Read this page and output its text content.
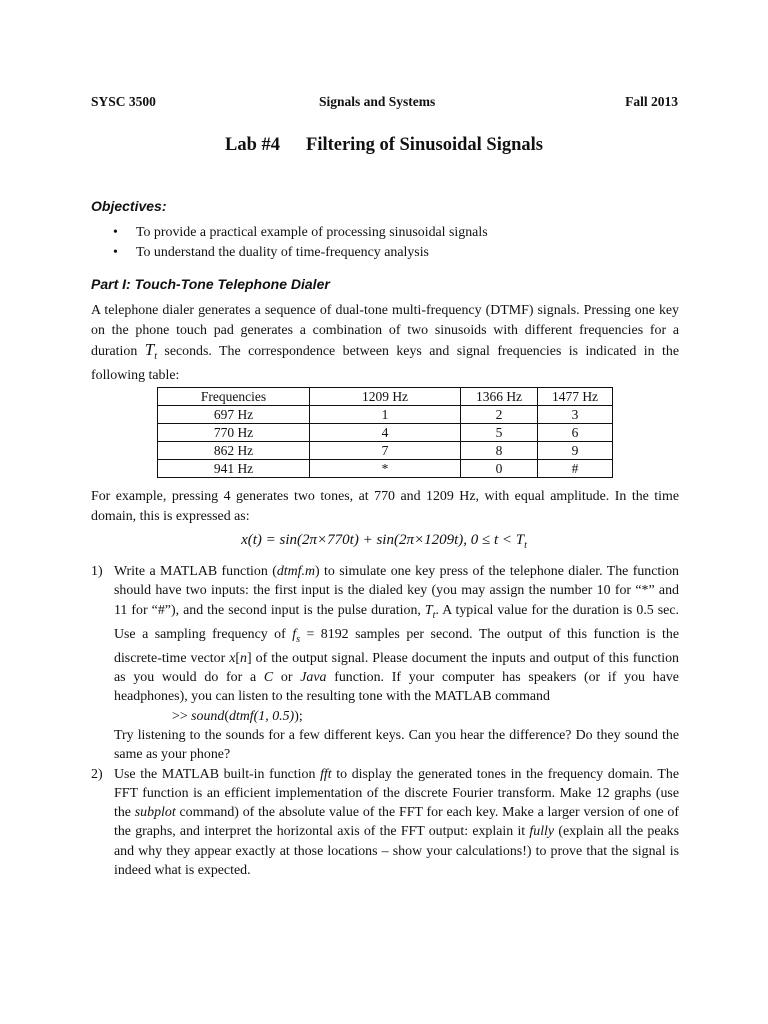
SYSC 3500	Signals and Systems	Fall 2013
Lab #4 Filtering of Sinusoidal Signals
Objectives:
• To provide a practical example of processing sinusoidal signals
• To understand the duality of time-frequency analysis
Part I: Touch-Tone Telephone Dialer
A telephone dialer generates a sequence of dual-tone multi-frequency (DTMF) signals. Pressing one key on the phone touch pad generates a combination of two sinusoids with different frequencies for a duration $T_t$ seconds. The correspondence between keys and signal frequencies is indicated in the following table:
Frequencies	1209 Hz	1366 Hz	1477 Hz
697 Hz	1	2	3
770 Hz	4	5	6
862 Hz	7	8	9
941 Hz	*	0	#
For example, pressing 4 generates two tones, at 770 and 1209 Hz, with equal amplitude. In the time domain, this is expressed as:
x(t) = sin(2π×770t) + sin(2π×1209t), $0 \le t < T_t$
1) Write a MATLAB function (dtmf.m) to simulate one key press of the telephone dialer. The function should have two inputs: the first input is the dialed key (you may assign the number 10 for “*” and 11 for “#”), and the second input is the pulse duration, $T_t$. A typical value for the duration is 0.5 sec. Use a sampling frequency of $f_s = 8192$ samples per second. The output of this function is the discrete-time vector x[n] of the output signal. Please document the inputs and output of this function as you would do for a C or Java function. If your computer has speakers (or if you have headphones), you can listen to the resulting tone with the MATLAB command
>> sound(dtmf(1, 0.5));
Try listening to the sounds for a few different keys. Can you hear the difference? Do they sound the same as your phone?
2) Use the MATLAB built-in function fft to display the generated tones in the frequency domain. The FFT function is an efficient implementation of the discrete Fourier transform. Make 12 graphs (use the subplot command) of the absolute value of the FFT for each key. Make a larger version of one of the graphs, and interpret the horizontal axis of the FFT output: explain it fully (explain all the peaks and why they appear exactly at those locations – show your calculations!) to prove that the signal is indeed what is expected.
